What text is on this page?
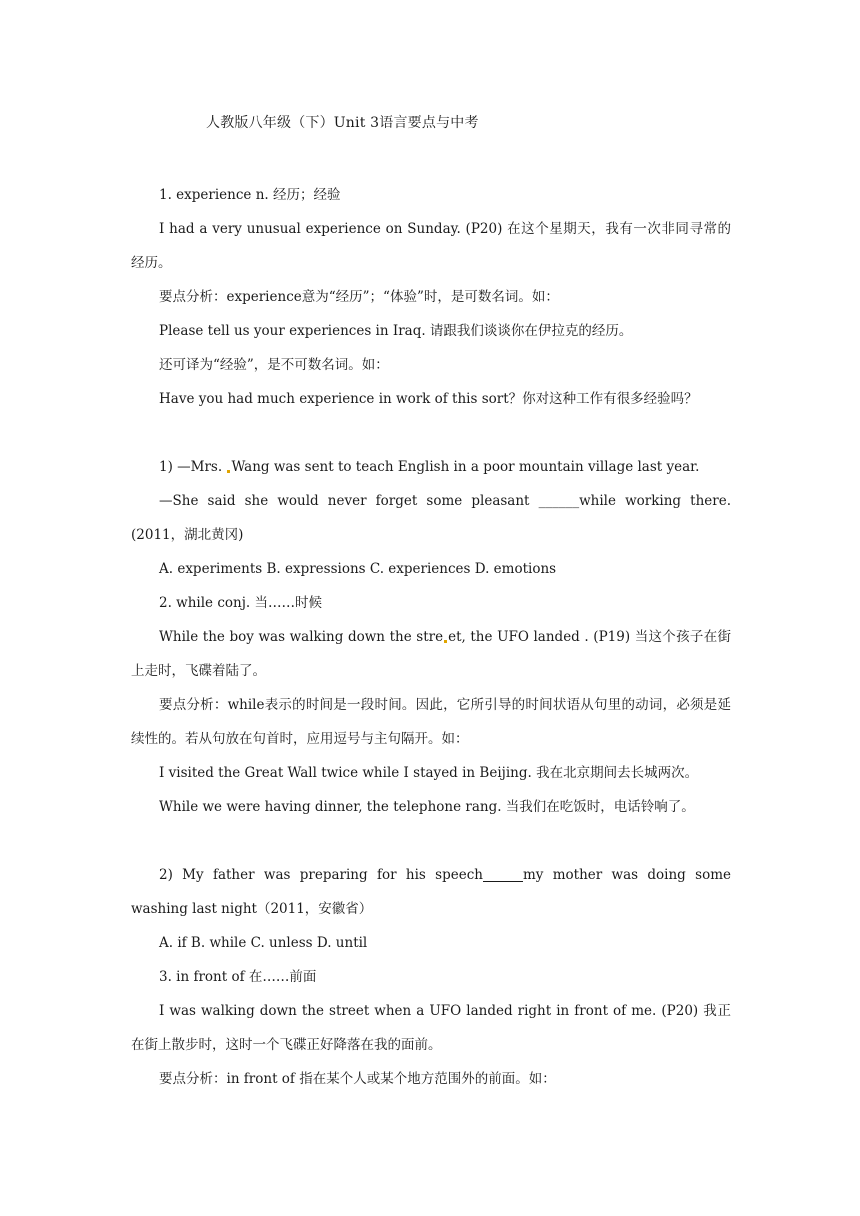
人教版八年级（下）Unit 3语言要点与中考

1. experience n. 经历；经验

I had a very unusual experience on Sunday. (P20) 在这个星期天，我有一次非同寻常的经历。

要点分析：experience意为“经历”；“体验”时，是可数名词。如：

Please tell us your experiences in Iraq. 请跟我们谈谈你在伊拉克的经历。

还可译为“经验”，是不可数名词。如：

Have you had much experience in work of this sort？你对这种工作有很多经验吗？

1) —Mrs. Wang was sent to teach English in a poor mountain village last year.

—She said she would never forget some pleasant ______while working there. (2011，湖北黄冈)

A. experiments B. expressions C. experiences D. emotions

2. while conj. 当……时候

While the boy was walking down the stre et, the UFO landed . (P19) 当这个孩子在街上走时，飞碟着陆了。

要点分析：while表示的时间是一段时间。因此，它所引导的时间状语从句里的动词，必须是延续性的。若从句放在句首时，应用逗号与主句隔开。如：

I visited the Great Wall twice while I stayed in Beijing. 我在北京期间去长城两次。

While we were having dinner, the telephone rang. 当我们在吃饭时，电话铃响了。

2) My father was preparing for his speech	my mother was doing some washing last night（2011，安徽省）

A. if B. while C. unless D. until

3. in front of 在……前面

I was walking down the street when a UFO landed right in front of me. (P20) 我正在街上散步时，这时一个飞碟正好降落在我的面前。

要点分析：in front of 指在某个人或某个地方范围外的前面。如：
